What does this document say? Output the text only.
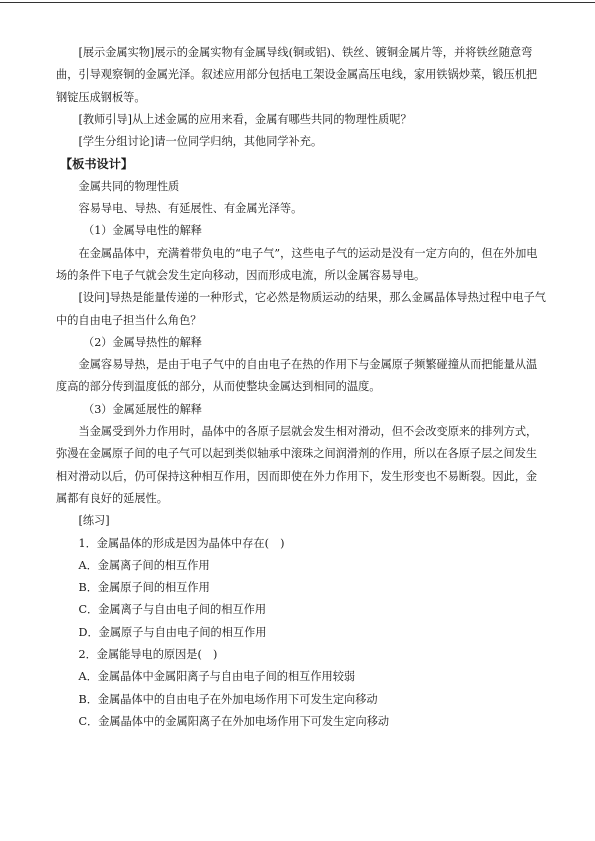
[展示金属实物]展示的金属实物有金属导线(铜或铝)、铁丝、镀铜金属片等，并将铁丝随意弯曲，引导观察铜的金属光泽。叙述应用部分包括电工架设金属高压电线，家用铁锅炒菜，锻压机把钢锭压成钢板等。

[教师引导]从上述金属的应用来看，金属有哪些共同的物理性质呢？

[学生分组讨论]请一位同学归纳，其他同学补充。

【板书设计】

金属共同的物理性质

容易导电、导热、有延展性、有金属光泽等。

（1）金属导电性的解释

在金属晶体中，充满着带负电的“电子气”，这些电子气的运动是没有一定方向的，但在外加电场的条件下电子气就会发生定向移动，因而形成电流，所以金属容易导电。

[设问]导热是能量传递的一种形式，它必然是物质运动的结果，那么金属晶体导热过程中电子气中的自由电子担当什么角色？

（2）金属导热性的解释

金属容易导热，是由于电子气中的自由电子在热的作用下与金属原子频繁碰撞从而把能量从温度高的部分传到温度低的部分，从而使整块金属达到相同的温度。

（3）金属延展性的解释

当金属受到外力作用时，晶体中的各原子层就会发生相对滑动，但不会改变原来的排列方式，弥漫在金属原子间的电子气可以起到类似轴承中滚珠之间润滑剂的作用，所以在各原子层之间发生相对滑动以后，仍可保持这种相互作用，因而即使在外力作用下，发生形变也不易断裂。因此，金属都有良好的延展性。

[练习]

1．金属晶体的形成是因为晶体中存在(　)

A．金属离子间的相互作用

B．金属原子间的相互作用

C．金属离子与自由电子间的相互作用

D．金属原子与自由电子间的相互作用

2．金属能导电的原因是(　)

A．金属晶体中金属阳离子与自由电子间的相互作用较弱

B．金属晶体中的自由电子在外加电场作用下可发生定向移动

C．金属晶体中的金属阳离子在外加电场作用下可发生定向移动
